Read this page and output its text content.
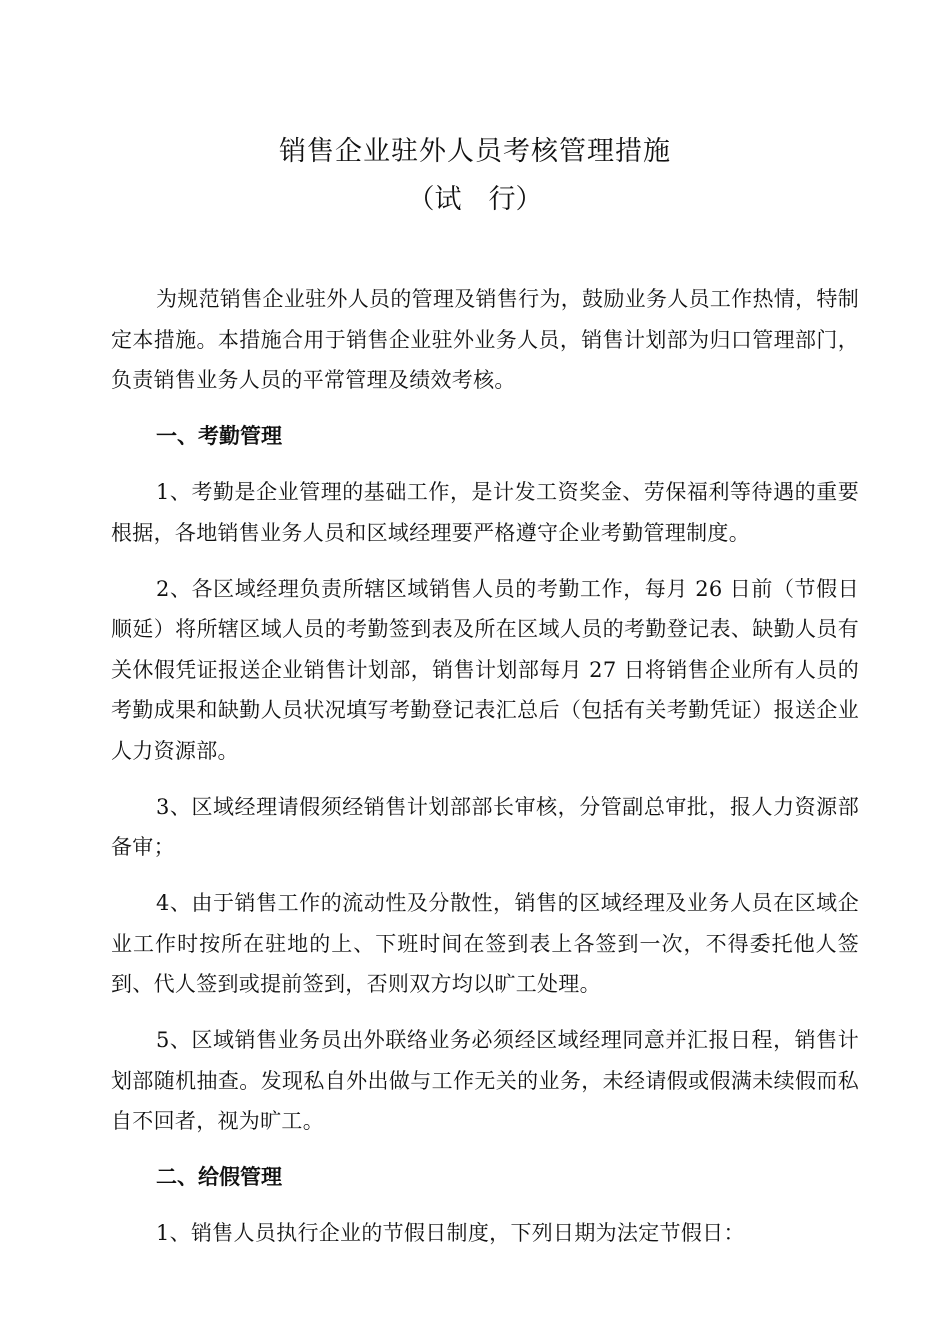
销售企业驻外人员考核管理措施
（试　行）

为规范销售企业驻外人员的管理及销售行为，鼓励业务人员工作热情，特制定本措施。本措施合用于销售企业驻外业务人员，销售计划部为归口管理部门，负责销售业务人员的平常管理及绩效考核。

一、考勤管理

1、考勤是企业管理的基础工作，是计发工资奖金、劳保福利等待遇的重要根据，各地销售业务人员和区域经理要严格遵守企业考勤管理制度。

2、各区域经理负责所辖区域销售人员的考勤工作，每月 26 日前（节假日顺延）将所辖区域人员的考勤签到表及所在区域人员的考勤登记表、缺勤人员有关休假凭证报送企业销售计划部，销售计划部每月 27 日将销售企业所有人员的考勤成果和缺勤人员状况填写考勤登记表汇总后（包括有关考勤凭证）报送企业人力资源部。

3、区域经理请假须经销售计划部部长审核，分管副总审批，报人力资源部备审；

4、由于销售工作的流动性及分散性，销售的区域经理及业务人员在区域企业工作时按所在驻地的上、下班时间在签到表上各签到一次，不得委托他人签到、代人签到或提前签到，否则双方均以旷工处理。

5、区域销售业务员出外联络业务必须经区域经理同意并汇报日程，销售计划部随机抽查。发现私自外出做与工作无关的业务，未经请假或假满未续假而私自不回者，视为旷工。

二、给假管理

1、销售人员执行企业的节假日制度，下列日期为法定节假日：
